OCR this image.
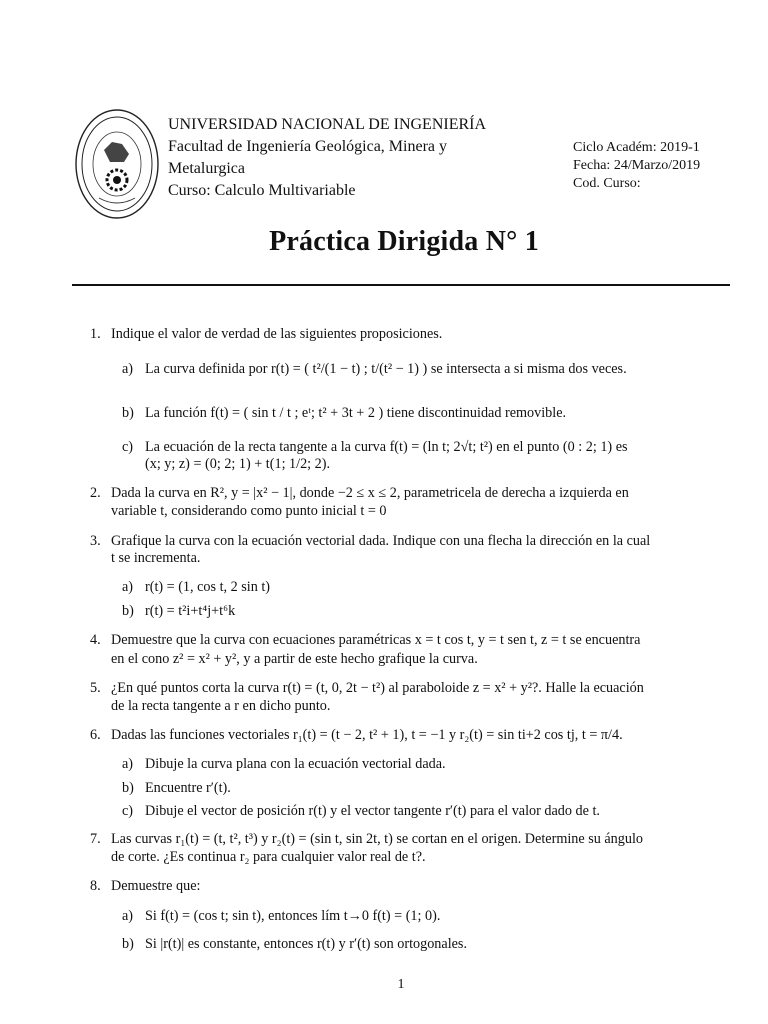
UNIVERSIDAD NACIONAL DE INGENIERÍA
Facultad de Ingeniería Geológica, Minera y
Metalurgica
Curso: Calculo Multivariable
Ciclo Académ: 2019-1
Fecha: 24/Marzo/2019
Cod. Curso:
Práctica Dirigida N° 1
1. Indique el valor de verdad de las siguientes proposiciones.
a) La curva definida por r(t) = ( t²/(1 − t) ; t/(t² − 1) ) se intersecta a si misma dos veces.
b) La función f(t) = ( sin t / t ; eᵗ; t² + 3t + 2 ) tiene discontinuidad removible.
c) La ecuación de la recta tangente a la curva f(t) = (ln t; 2√t; t²) en el punto (0 : 2; 1) es
(x; y; z) = (0; 2; 1) + t(1; 1/2; 2).
2. Dada la curva en R², y = |x² − 1|, donde −2 ≤ x ≤ 2, parametricela de derecha a izquierda en
variable t, considerando como punto inicial t = 0
3. Grafique la curva con la ecuación vectorial dada. Indique con una flecha la dirección en la cual
t se incrementa.
a) r(t) = (1, cos t, 2 sin t)
b) r(t) = t²i+t⁴j+t⁶k
4. Demuestre que la curva con ecuaciones paramétricas x = t cos t, y = t sen t, z = t se encuentra
en el cono z² = x² + y², y a partir de este hecho grafique la curva.
5. ¿En qué puntos corta la curva r(t) = (t, 0, 2t − t²) al paraboloide z = x² + y²?. Halle la ecuación
de la recta tangente a r en dicho punto.
6. Dadas las funciones vectoriales r₁(t) = (t − 2, t² + 1), t = −1 y r₂(t) = sin ti+2 cos tj, t = π/4.
a) Dibuje la curva plana con la ecuación vectorial dada.
b) Encuentre r′(t).
c) Dibuje el vector de posición r(t) y el vector tangente r′(t) para el valor dado de t.
7. Las curvas r₁(t) = (t, t², t³) y r₂(t) = (sin t, sin 2t, t) se cortan en el origen. Determine su ángulo
de corte. ¿Es continua r₂ para cualquier valor real de t?.
8. Demuestre que:
a) Si f(t) = (cos t; sin t), entonces lím t→0 f(t) = (1; 0).
b) Si |r(t)| es constante, entonces r(t) y r′(t) son ortogonales.
1
